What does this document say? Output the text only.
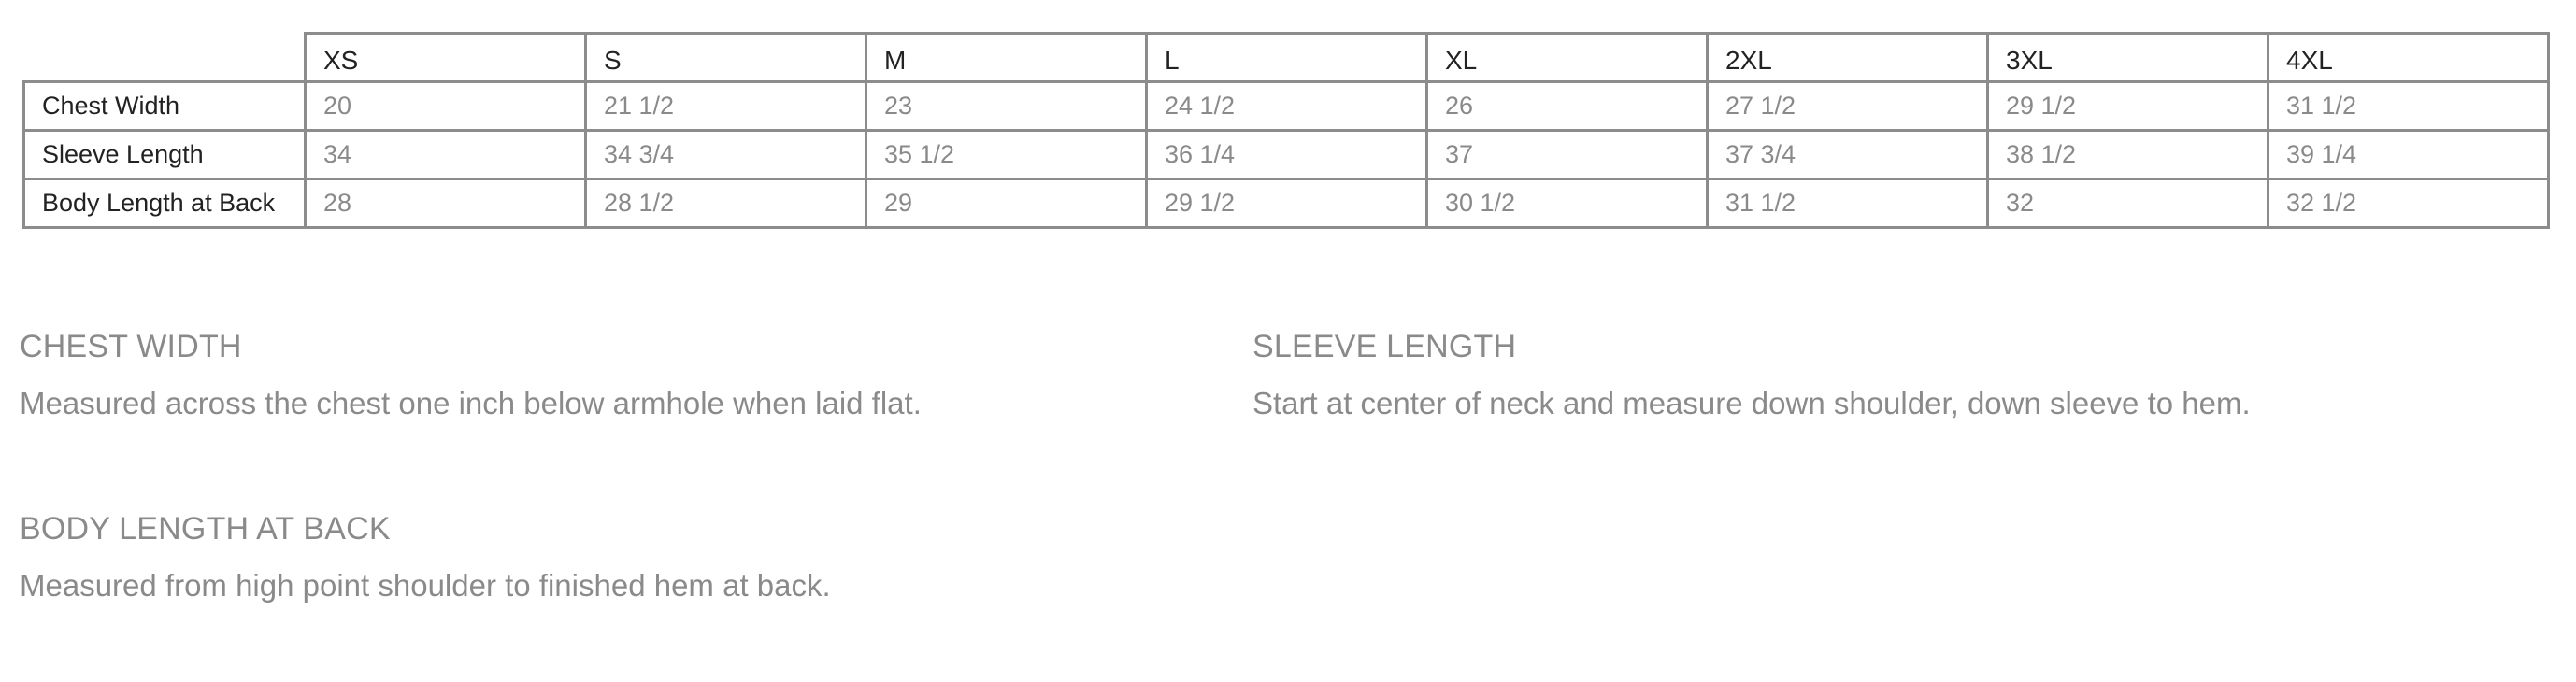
	XS	S	M	L	XL	2XL	3XL	4XL
Chest Width	20	21 1/2	23	24 1/2	26	27 1/2	29 1/2	31 1/2
Sleeve Length	34	34 3/4	35 1/2	36 1/4	37	37 3/4	38 1/2	39 1/4
Body Length at Back	28	28 1/2	29	29 1/2	30 1/2	31 1/2	32	32 1/2
CHEST WIDTH
Measured across the chest one inch below armhole when laid flat.
SLEEVE LENGTH
Start at center of neck and measure down shoulder, down sleeve to hem.
BODY LENGTH AT BACK
Measured from high point shoulder to finished hem at back.
